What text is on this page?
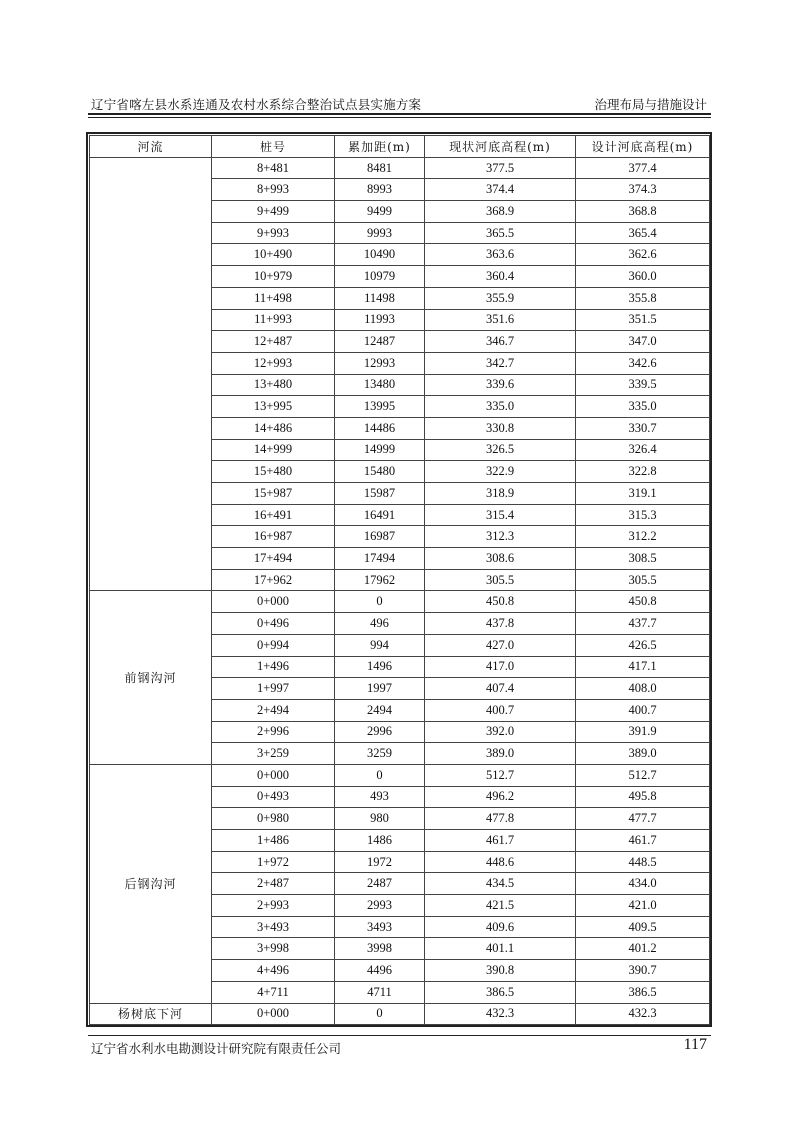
辽宁省喀左县水系连通及农村水系综合整治试点县实施方案	治理布局与措施设计
河流	桩号	累加距(m)	现状河底高程(m)	设计河底高程(m)
	8+481	8481	377.5	377.4
	8+993	8993	374.4	374.3
	9+499	9499	368.9	368.8
	9+993	9993	365.5	365.4
	10+490	10490	363.6	362.6
	10+979	10979	360.4	360.0
	11+498	11498	355.9	355.8
	11+993	11993	351.6	351.5
	12+487	12487	346.7	347.0
	12+993	12993	342.7	342.6
	13+480	13480	339.6	339.5
	13+995	13995	335.0	335.0
	14+486	14486	330.8	330.7
	14+999	14999	326.5	326.4
	15+480	15480	322.9	322.8
	15+987	15987	318.9	319.1
	16+491	16491	315.4	315.3
	16+987	16987	312.3	312.2
	17+494	17494	308.6	308.5
	17+962	17962	305.5	305.5
前钢沟河	0+000	0	450.8	450.8
	0+496	496	437.8	437.7
	0+994	994	427.0	426.5
	1+496	1496	417.0	417.1
	1+997	1997	407.4	408.0
	2+494	2494	400.7	400.7
	2+996	2996	392.0	391.9
	3+259	3259	389.0	389.0
后钢沟河	0+000	0	512.7	512.7
	0+493	493	496.2	495.8
	0+980	980	477.8	477.7
	1+486	1486	461.7	461.7
	1+972	1972	448.6	448.5
	2+487	2487	434.5	434.0
	2+993	2993	421.5	421.0
	3+493	3493	409.6	409.5
	3+998	3998	401.1	401.2
	4+496	4496	390.8	390.7
	4+711	4711	386.5	386.5
杨树底下河	0+000	0	432.3	432.3
辽宁省水利水电勘测设计研究院有限责任公司	117
